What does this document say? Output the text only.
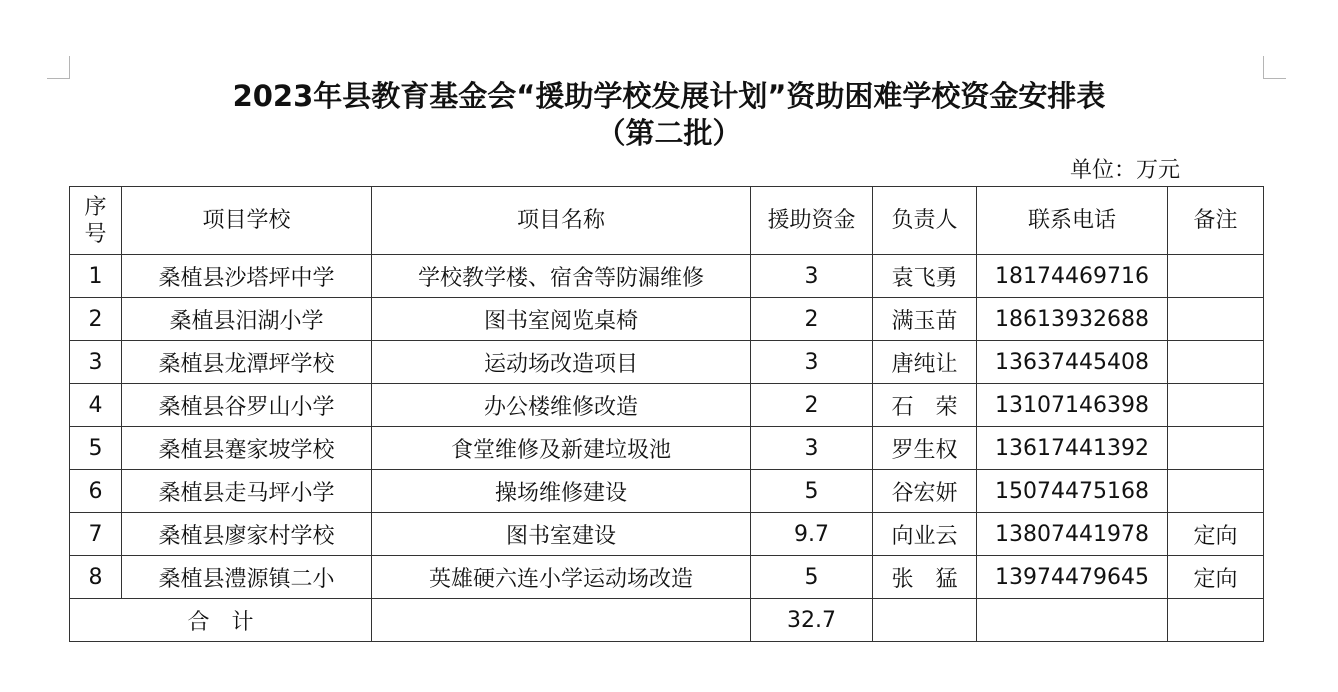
2023年县教育基金会“援助学校发展计划”资助困难学校资金安排表
（第二批）
单位：万元
序
号	项目学校	项目名称	援助资金	负责人	联系电话	备注
1	桑植县沙塔坪中学	学校教学楼、宿舍等防漏维修	3	袁飞勇	18174469716	
2	桑植县汨湖小学	图书室阅览桌椅	2	满玉苗	18613932688	
3	桑植县龙潭坪学校	运动场改造项目	3	唐纯让	13637445408	
4	桑植县谷罗山小学	办公楼维修改造	2	石　荣	13107146398	
5	桑植县蹇家坡学校	食堂维修及新建垃圾池	3	罗生权	13617441392	
6	桑植县走马坪小学	操场维修建设	5	谷宏妍	15074475168	
7	桑植县廖家村学校	图书室建设	9.7	向业云	13807441978	定向
8	桑植县澧源镇二小	英雄硬六连小学运动场改造	5	张　猛	13974479645	定向
合　计			32.7			
